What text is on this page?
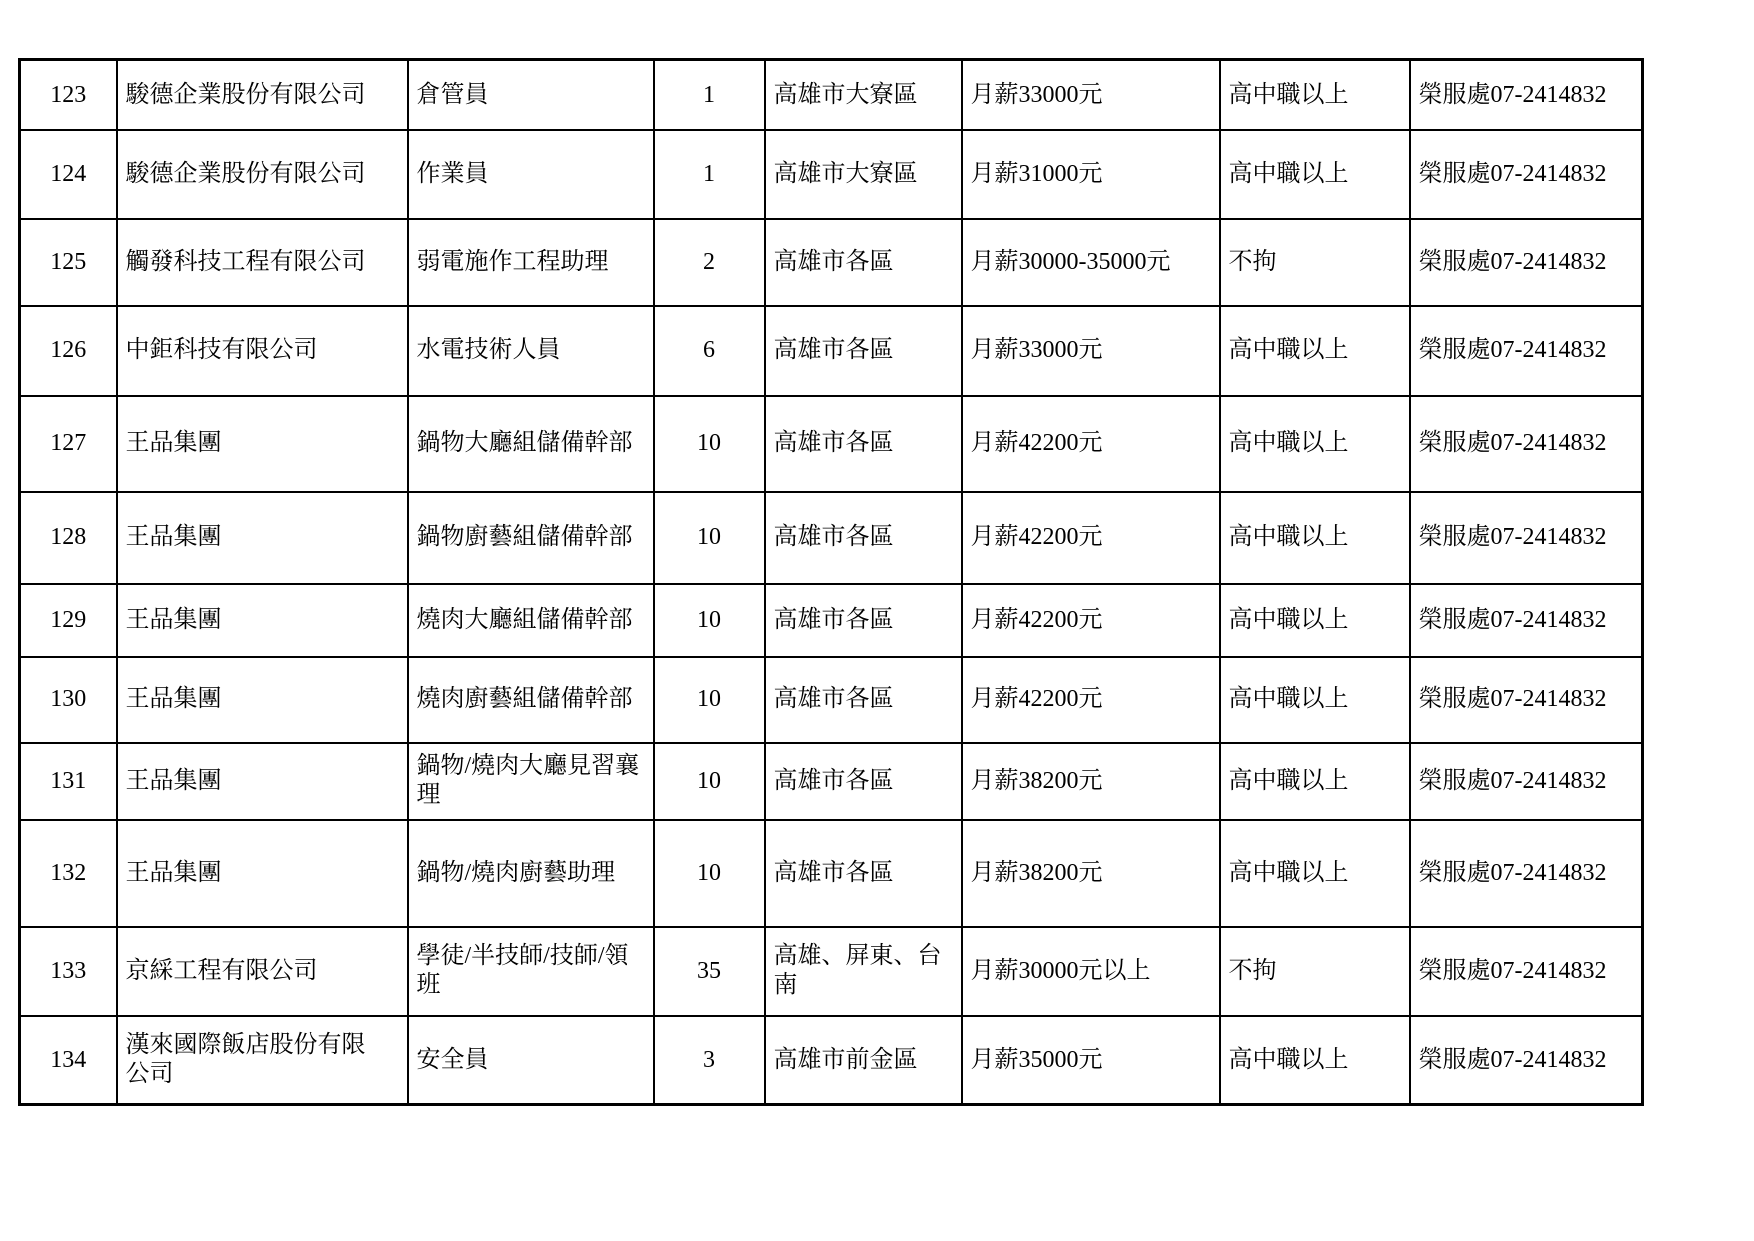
123	駿德企業股份有限公司	倉管員	1	高雄市大寮區	月薪33000元	高中職以上	榮服處07-2414832
124	駿德企業股份有限公司	作業員	1	高雄市大寮區	月薪31000元	高中職以上	榮服處07-2414832
125	觸發科技工程有限公司	弱電施作工程助理	2	高雄市各區	月薪30000-35000元	不拘	榮服處07-2414832
126	中鉅科技有限公司	水電技術人員	6	高雄市各區	月薪33000元	高中職以上	榮服處07-2414832
127	王品集團	鍋物大廳組儲備幹部	10	高雄市各區	月薪42200元	高中職以上	榮服處07-2414832
128	王品集團	鍋物廚藝組儲備幹部	10	高雄市各區	月薪42200元	高中職以上	榮服處07-2414832
129	王品集團	燒肉大廳組儲備幹部	10	高雄市各區	月薪42200元	高中職以上	榮服處07-2414832
130	王品集團	燒肉廚藝組儲備幹部	10	高雄市各區	月薪42200元	高中職以上	榮服處07-2414832
131	王品集團	鍋物/燒肉大廳見習襄理	10	高雄市各區	月薪38200元	高中職以上	榮服處07-2414832
132	王品集團	鍋物/燒肉廚藝助理	10	高雄市各區	月薪38200元	高中職以上	榮服處07-2414832
133	京綵工程有限公司	學徒/半技師/技師/領班	35	高雄、屏東、台南	月薪30000元以上	不拘	榮服處07-2414832
134	漢來國際飯店股份有限公司	安全員	3	高雄市前金區	月薪35000元	高中職以上	榮服處07-2414832
